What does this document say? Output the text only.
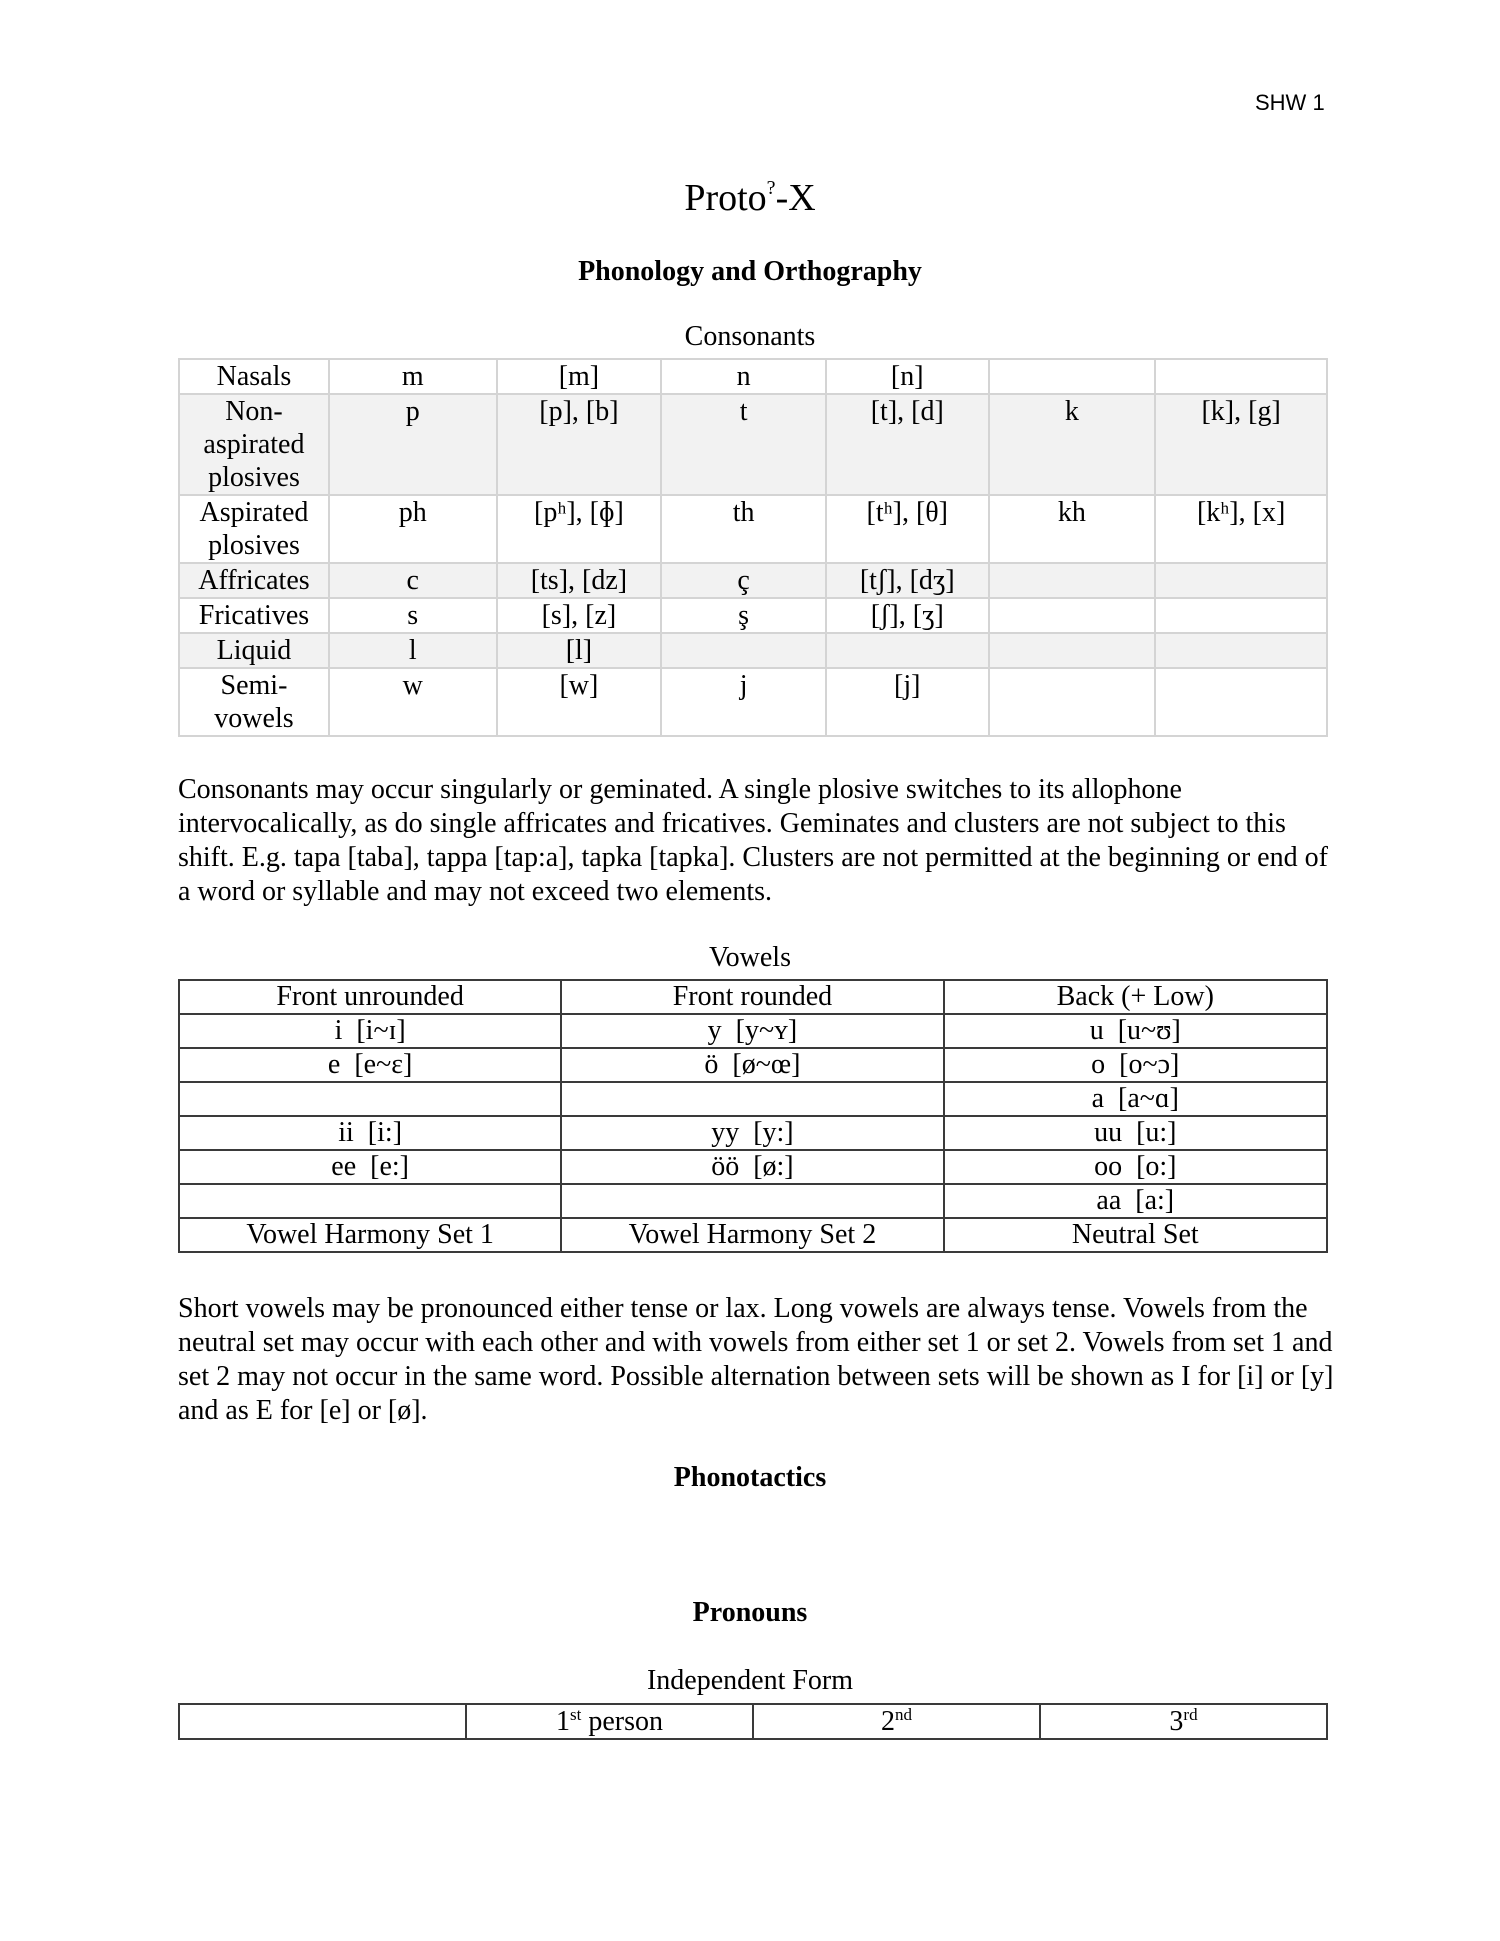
SHW 1
Proto?-X
Phonology and Orthography
Consonants
Nasals	m	[m]	n	[n]		
Non-aspirated plosives	p	[p], [b]	t	[t], [d]	k	[k], [g]
Aspirated plosives	ph	[pʰ], [ɸ]	th	[tʰ], [θ]	kh	[kʰ], [x]
Affricates	c	[ts], [dz]	ç	[tʃ], [dʒ]		
Fricatives	s	[s], [z]	ş	[ʃ], [ʒ]		
Liquid	l	[l]				
Semi-vowels	w	[w]	j	[j]		
Consonants may occur singularly or geminated. A single plosive switches to its allophone intervocalically, as do single affricates and fricatives. Geminates and clusters are not subject to this shift. E.g. tapa [taba], tappa [tap:a], tapka [tapka]. Clusters are not permitted at the beginning or end of a word or syllable and may not exceed two elements.
Vowels
Front unrounded	Front rounded	Back (+ Low)
i  [i~ɪ]	y  [y~ʏ]	u  [u~ʊ]
e  [e~ɛ]	ö  [ø~œ]	o  [o~ɔ]
		a  [a~ɑ]
ii  [i:]	yy  [y:]	uu  [u:]
ee  [e:]	öö  [ø:]	oo  [o:]
		aa  [a:]
Vowel Harmony Set 1	Vowel Harmony Set 2	Neutral Set
Short vowels may be pronounced either tense or lax. Long vowels are always tense. Vowels from the neutral set may occur with each other and with vowels from either set 1 or set 2. Vowels from set 1 and set 2 may not occur in the same word. Possible alternation between sets will be shown as I for [i] or [y] and as E for [e] or [ø].
Phonotactics
Pronouns
Independent Form
	1st person	2nd	3rd
